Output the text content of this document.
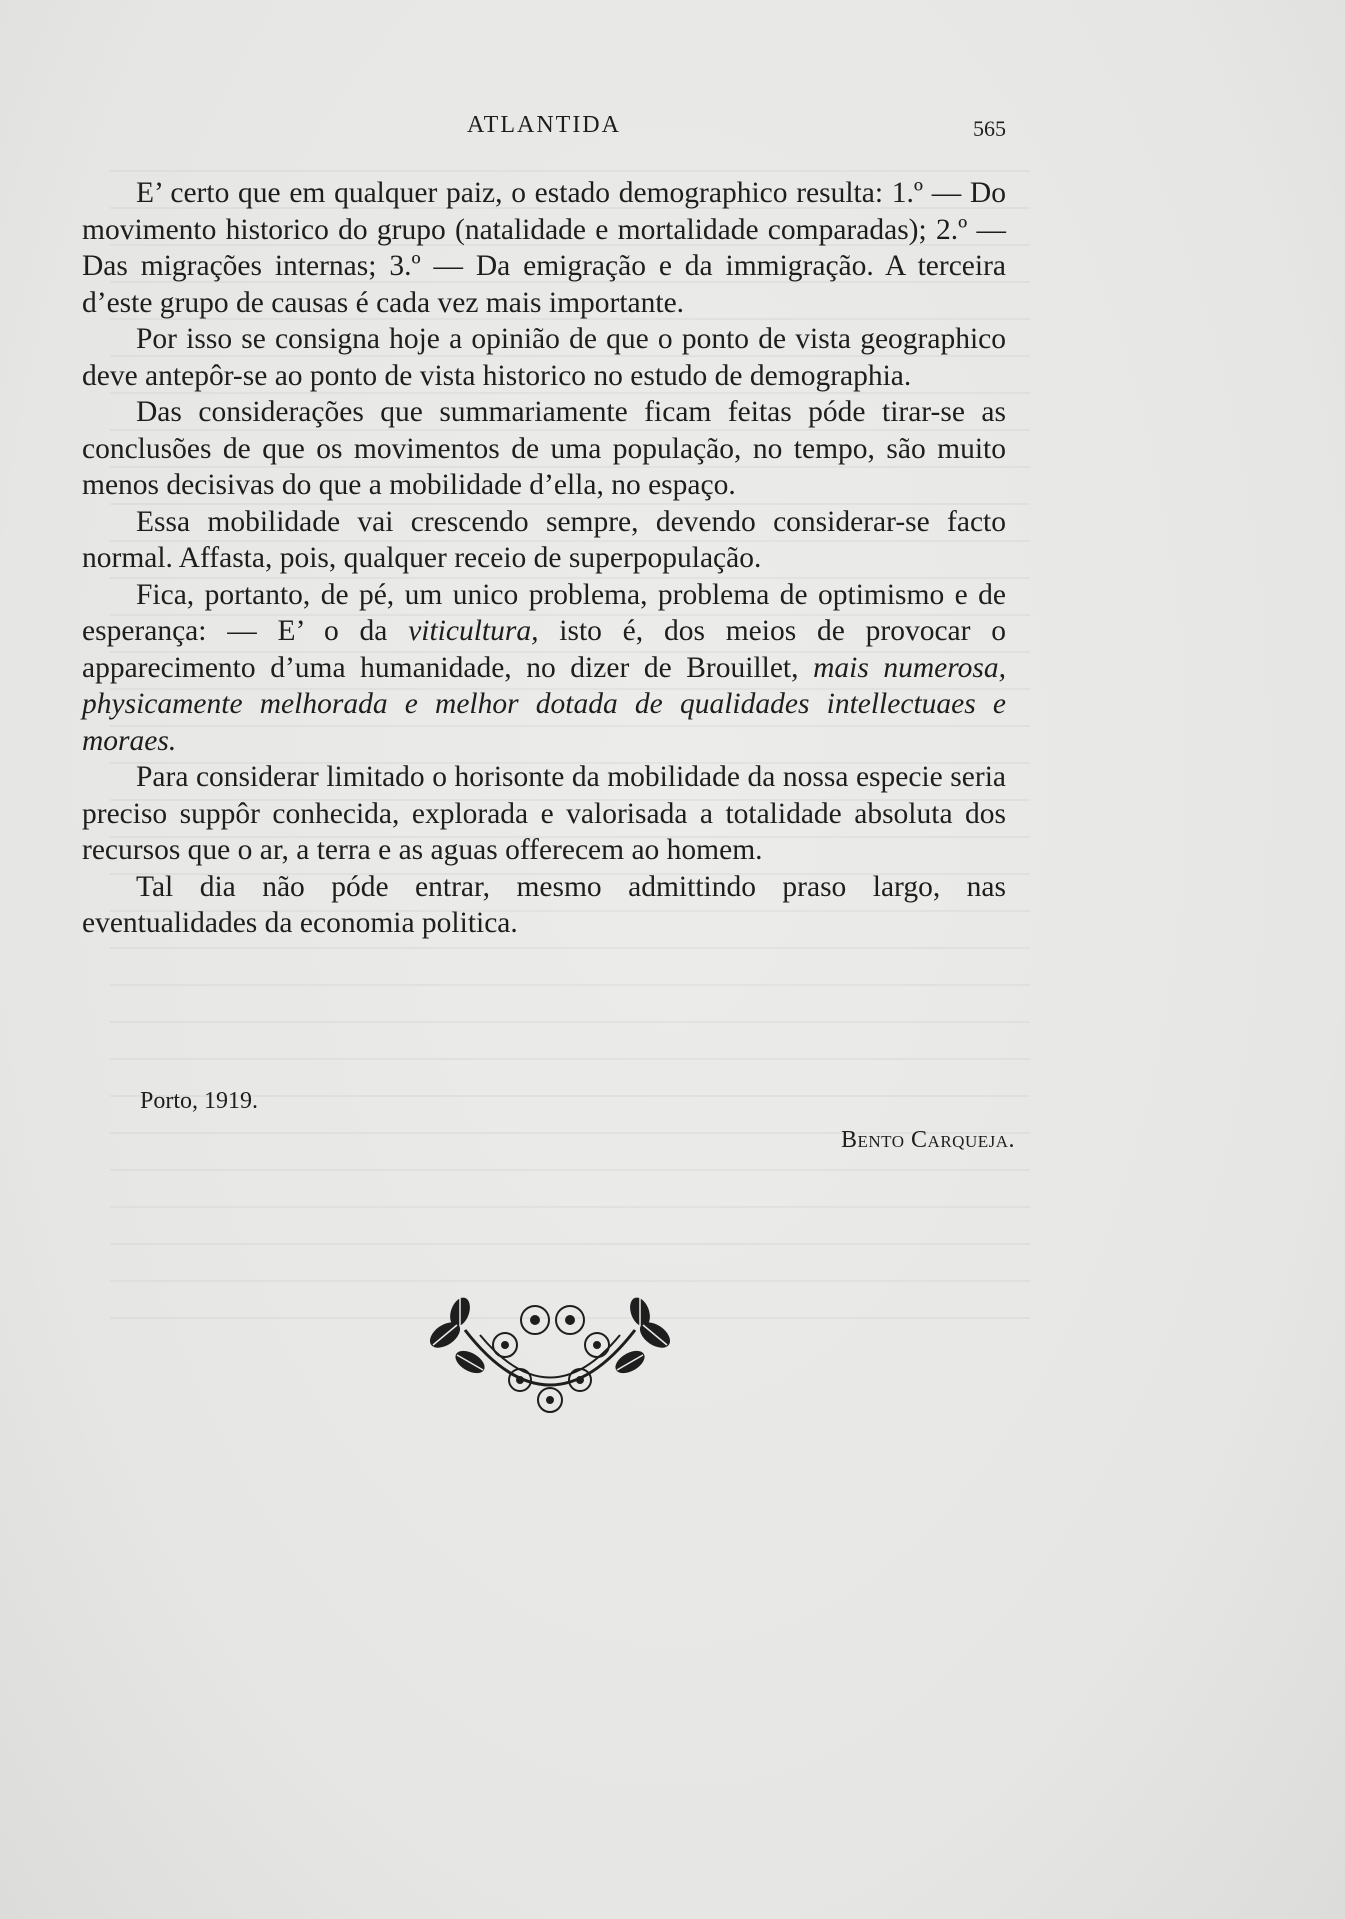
ATLANTIDA	565

E’ certo que em qualquer paiz, o estado demographico resulta: 1.º — Do movimento historico do grupo (natalidade e mortalidade comparadas); 2.º — Das migrações internas; 3.º — Da emigração e da immigração. A terceira d’este grupo de causas é cada vez mais importante.

Por isso se consigna hoje a opinião de que o ponto de vista geographico deve antepôr-se ao ponto de vista historico no estudo de demographia.

Das considerações que summariamente ficam feitas póde tirar-se as conclusões de que os movimentos de uma população, no tempo, são muito menos decisivas do que a mobilidade d’ella, no espaço.

Essa mobilidade vai crescendo sempre, devendo considerar-se facto normal. Affasta, pois, qualquer receio de superpopulação.

Fica, portanto, de pé, um unico problema, problema de optimismo e de esperança: — E’ o da viticultura, isto é, dos meios de provocar o apparecimento d’uma humanidade, no dizer de Brouillet, mais numerosa, physicamente melhorada e melhor dotada de qualidades intellectuaes e moraes.

Para considerar limitado o horisonte da mobilidade da nossa especie seria preciso suppôr conhecida, explorada e valorisada a totalidade absoluta dos recursos que o ar, a terra e as aguas offerecem ao homem.

Tal dia não póde entrar, mesmo admittindo praso largo, nas eventualidades da economia politica.

Porto, 1919.
Bento Carqueja.
